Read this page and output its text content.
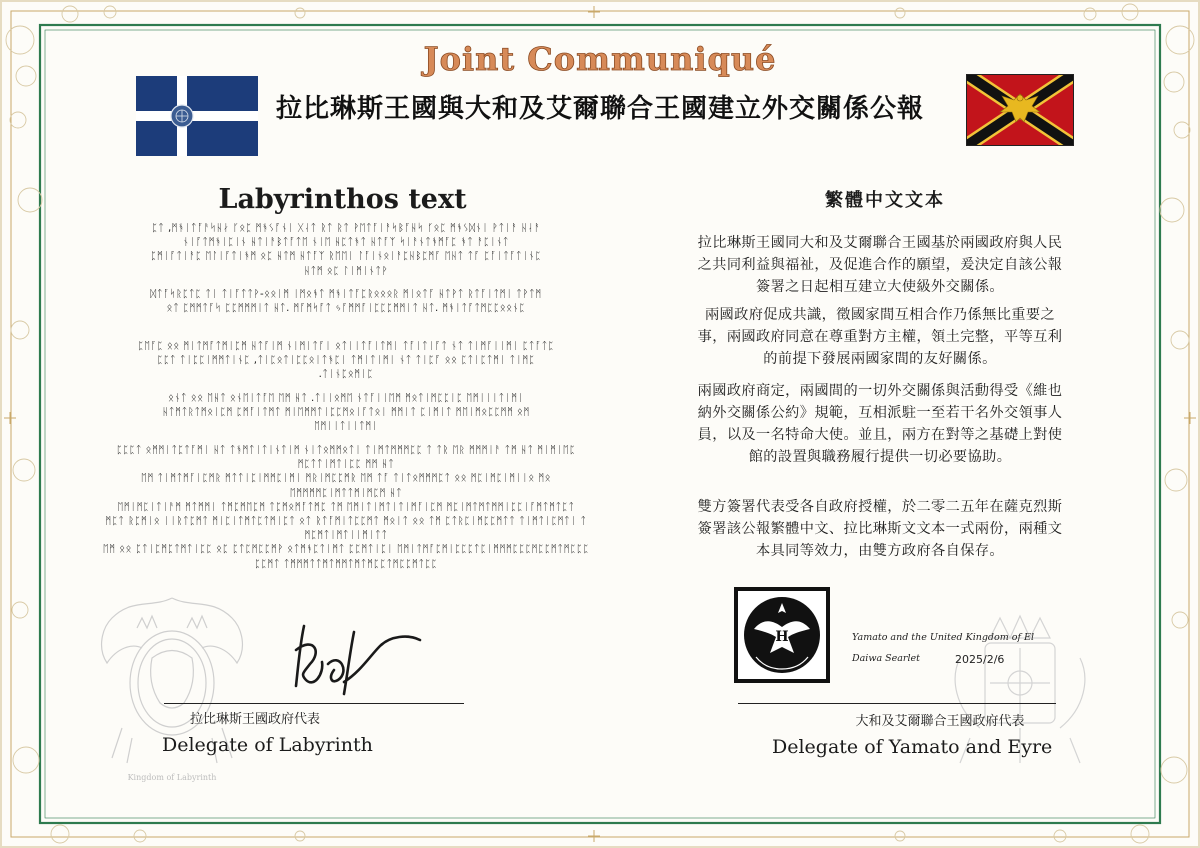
Joint Communiqué
拉比琳斯王國與大和及艾爾聯合王國建立外交關係公報
Labyrinthos text	繁體中文文本
ᛈᛏ ,ᛗᚬᛁᛏᚪᚨᛋᚺᛅ ᚴᛟᛈ ᛗᚬᛊᚪᚾᛁ ᚷᛆᛏ ᚱᛏ ᚱᛏ ᚹᛖᛏᚪᛁᚨᛋᛒᚪᚺᛋ ᚴᛟᛈ ᛗᚬᛊᛞᚾᛁ ᚹᛏᛁᚨ ᚺᛆᚨ
ᚾᛁᚪᛏᛗᚬᛁᛈᛁᚾ ᚺᛏᛁᚨᛒᛏᚪᛏᛖ ᚾᛁᛖ ᚺᛈᛏᚬᛏ ᚺᛏᚪᛉ ᛋᛁᚨᚾᛏᚬᛗᚪᛈ ᚬᛏ ᚨᛈᛁᚾᛏ
ᛈᛗᛁᚪᛏᛁᚨᛈ ᛖᛚᛁᚪᛏᛁᚬᛗ ᛟᛈ ᚺᛏᛗ ᚺᛏᚪᛉ ᚱᛖᛖᛁ ᛚᚪᛁᚾᛟᛁᚨᛈᚺᛒᛈᛗᚪ ᛖᚺᛏ ᛏᚪ ᛈᚪᛁᛏᚪᛏᛁᚾᛈ
ᚺᛏᛗ ᛟᛈ ᛚᛁᛗᛁᚾᛏᚹ
ᛞᛏᚪᛋᚱᛈᛏᛈ ᛏᛁ ᛏᛁᚪᛏᛏᚹ-ᛟᛟᛁᛗ ᛁᛗᛟᚬᛏ ᛗᚬᛁᛏᚪᛈᚱᛟᛟᛟᚱ ᛗᛁᛟᛏᚪ ᚺᛏᚹᛏ ᚱᛏᚪᛁᛏᛗᛁ ᛏᚹᛏᛗ
ᛟᛏ ᛈᛗᛗᛏᚪᛋ ᛈᛈᛗᛗᛗᛁᛏ ᚺᛏ. ᛗᚪᛗᛋᚪᛏ ᛃᚪᛗᛗᚪᛁᛈᛈᛈᛗᛗᛁᛏ ᚺᛏ. ᛗᚬᛁᛏᚪᛏᛗᛈᛈᛟᛟᚾᛈ
ᛈᛖᚪᛈ ᛟᛟ ᛗᛁᛏᛗᚪᛏᛗᛁᛈᛗ ᚺᛏᚪᛁᛗ ᚾᛁᛗᛁᛏᚪᛁ ᛟᛏᛁᛁᛏᚪᛁᛏᛗᛁ ᛏᚪᛁᛏᛁᚪᛏ ᚾᛏ ᛏᛁᛗᚪᛁᛁᛗᛁ ᛈᛏᚪᛏᛈ
ᛈᛈᛏ ᛏᛁᛈᛈᛁᛗᛗᛏᛁᚾᛈ ,ᛏᛁᛈᛟᛏᛁᛈᛈᛟᛁᛏᚬᛈᛁ ᛏᛗᛁᛏᛁᛗᛁ ᚾᛏ ᛏᛁᛈᚪ ᛟᛟ ᛈᛏᛁᛈᛏᛗᛁ ᛏᛁᛗᛈ
.ᛏᛁᚾᛈᛟᛗᛁᛈ
ᛟᚾᛏ ᛟᛟ ᛖᚺᛏ ᛟᚾᛖᛁᛏᚪᛖ ᛖᛗ ᚺᛏ .ᛏᛁᛁᛟᛗᛖ ᚾᛏᚪᛁᛁᛖᛗ ᛗᛟᛏᛁᛗᛈᛈᛁᛈ ᛖᛗᛁᛁᛁᛏᛁᛗᛁ
ᚺᛏᛗᛏᚱᛏᛗᛟᛁᛈᛗ ᛈᛗᚪᛁᛏᛗᛏ ᛗᛁᛖᛗᛗᛏᛁᛈᛈᛗᛟᛁᚪᛏᛟᛁ ᛗᛗᛁᛏ ᛈᛁᛗᛁᛏ ᛗᛖᛁᛗᛟᛈᛈᛗᛗ ᛟᛗ
ᛖᛗᛁᛁᛏᛁᛁᛏᛗᛁ
ᛈᛈᛈᛏ ᛟᛗᛗᛁᛏᛈᛏᚪᛗᛁ ᚺᛏ ᛏᚬᛗᛏᛁᛏᛁᚾᛏᛁᛗ ᚾᛁᛏᛟᛗᛗᛟᛏᛁ ᛏᛁᛗᛏᛗᛗᛗᛈᛈ ᛏ ᛏᚱ ᛖᚱ ᛗᛗᛗᛁᚨ ᛏᛗ ᚺᛏ ᛗᛁᛗᛁᛖᛈ ᛗᛈᛏᛏᛁᛗᛏᛁᛈᛈ ᛗᛗ ᚺᛏ
ᛖᛗ ᛏᛁᛗᛏᛗᚪᛁᛈᛗᚱ ᛗᛏᛏᛁᛈᛁᛗᛗᛈᛁᛗᛁ ᛗᚱᛁᛗᛈᛈᛗᚱ ᛖᛗ ᛏᚪ ᛏᛁᛏᛟᛗᛗᛗᛈᛏ ᛟᛟ ᛗᛈᛁᛗᛈᛁᛗᛁᛁᛟ ᛗᛟ ᛖᛗᛗᛗᛗᛈᛁᛗᛏᛏᛗᛁᛗᛈᛗ ᚺᛏ
ᛖᛗᛁᛗᛈᛁᛏᛁᚨᛗ ᛗᛏᛗᛗᛁ ᛏᛗᛈᛗᛖᛈᛗ ᛏᛈᛗᛟᛗᚪᛏᛗᛈ ᛏᛗ ᛖᛗᛁᛏᛁᛗᛏᛁᛏᛁᛗᚪᛁᛈᛗ ᛗᛈᛁᛗᛏᛗᛏᛗᛗᛁᛈᛈᛁᚪᛗᛏᛗᛏᛈᛏ
ᛗᛈᛏ ᚱᛈᛗᛁᛟ ᛁᛁᚱᛏᛈᛗᛏ ᛗᛁᛈᛁᛏᛗᛏᛈᛏᛗᛁᛈᛏ ᛟᛏ ᚱᛏᚪᛗᛁᛏᛈᛈᛗᛏ ᛗᛟᛁᛏ ᛟᛟ ᛏᛗ ᛈᛏᚱᛈᛁᛗᛈᛈᛗᛏᛏ ᛏᛁᛗᛏᛁᛈᛗᛏᛁ ᛏ ᛗᛈᛗᛏᛁᛗᛏᛁᛁᛗᛁᛏᛏ
ᛖᛗ ᛟᛟ ᛈᛏᛁᛈᛗᛈᛏᛗᛏᛁᛈᛈ ᛟᛈ ᛈᛏᛈᛗᛈᛈᛗᚹ ᛟᛏᛗᚬᛈᛏᛁᛗᛏ ᛈᛈᛗᛏᛁᛈᛁ ᛖᛗᛁᛏᛗᚪᛈᛗᛁᛈᛈᛈᛏᛈᛁᛗᛗᛗᛈᛈᛈᛗᛈᛈᛗᛏᛗᛈᛈᛈ ᛈᛈᛗᛏ ᛏᛗᛗᛗᛏᛏᛗᛏᛗᛗᛏᛗᛏᛗᛈᛈᛏᛗᛈᛈᛗᛏᛈᛈ
拉比琳斯王國同大和及艾爾聯合王國基於兩國政府與人民
之共同利益與福祉，及促進合作的願望，爰決定自該公報
簽署之日起相互建立大使級外交關係。
兩國政府促成共識，徵國家間互相合作乃係無比重要之
事，兩國政府同意在尊重對方主權，領土完整，平等互利
的前提下發展兩國家間的友好關係。
兩國政府商定，兩國間的一切外交關係與活動得受《維也
納外交關係公約》規範，互相派駐一至若干名外交領事人
員，以及一名特命大使。並且，兩方在對等之基礎上對使
館的設置與職務履行提供一切必要協助。
雙方簽署代表受各自政府授權，於二零二五年在薩克烈斯
簽署該公報繁體中文、拉比琳斯文文本一式兩份，兩種文
本具同等效力，由雙方政府各自保存。
Kingdom of Labyrinth
拉比琳斯王國政府代表
Delegate of Labyrinth
H	Yamato and the United Kingdom of El
Daiwa Searlet	2025/2/6
大和及艾爾聯合王國政府代表
Delegate of Yamato and Eyre
